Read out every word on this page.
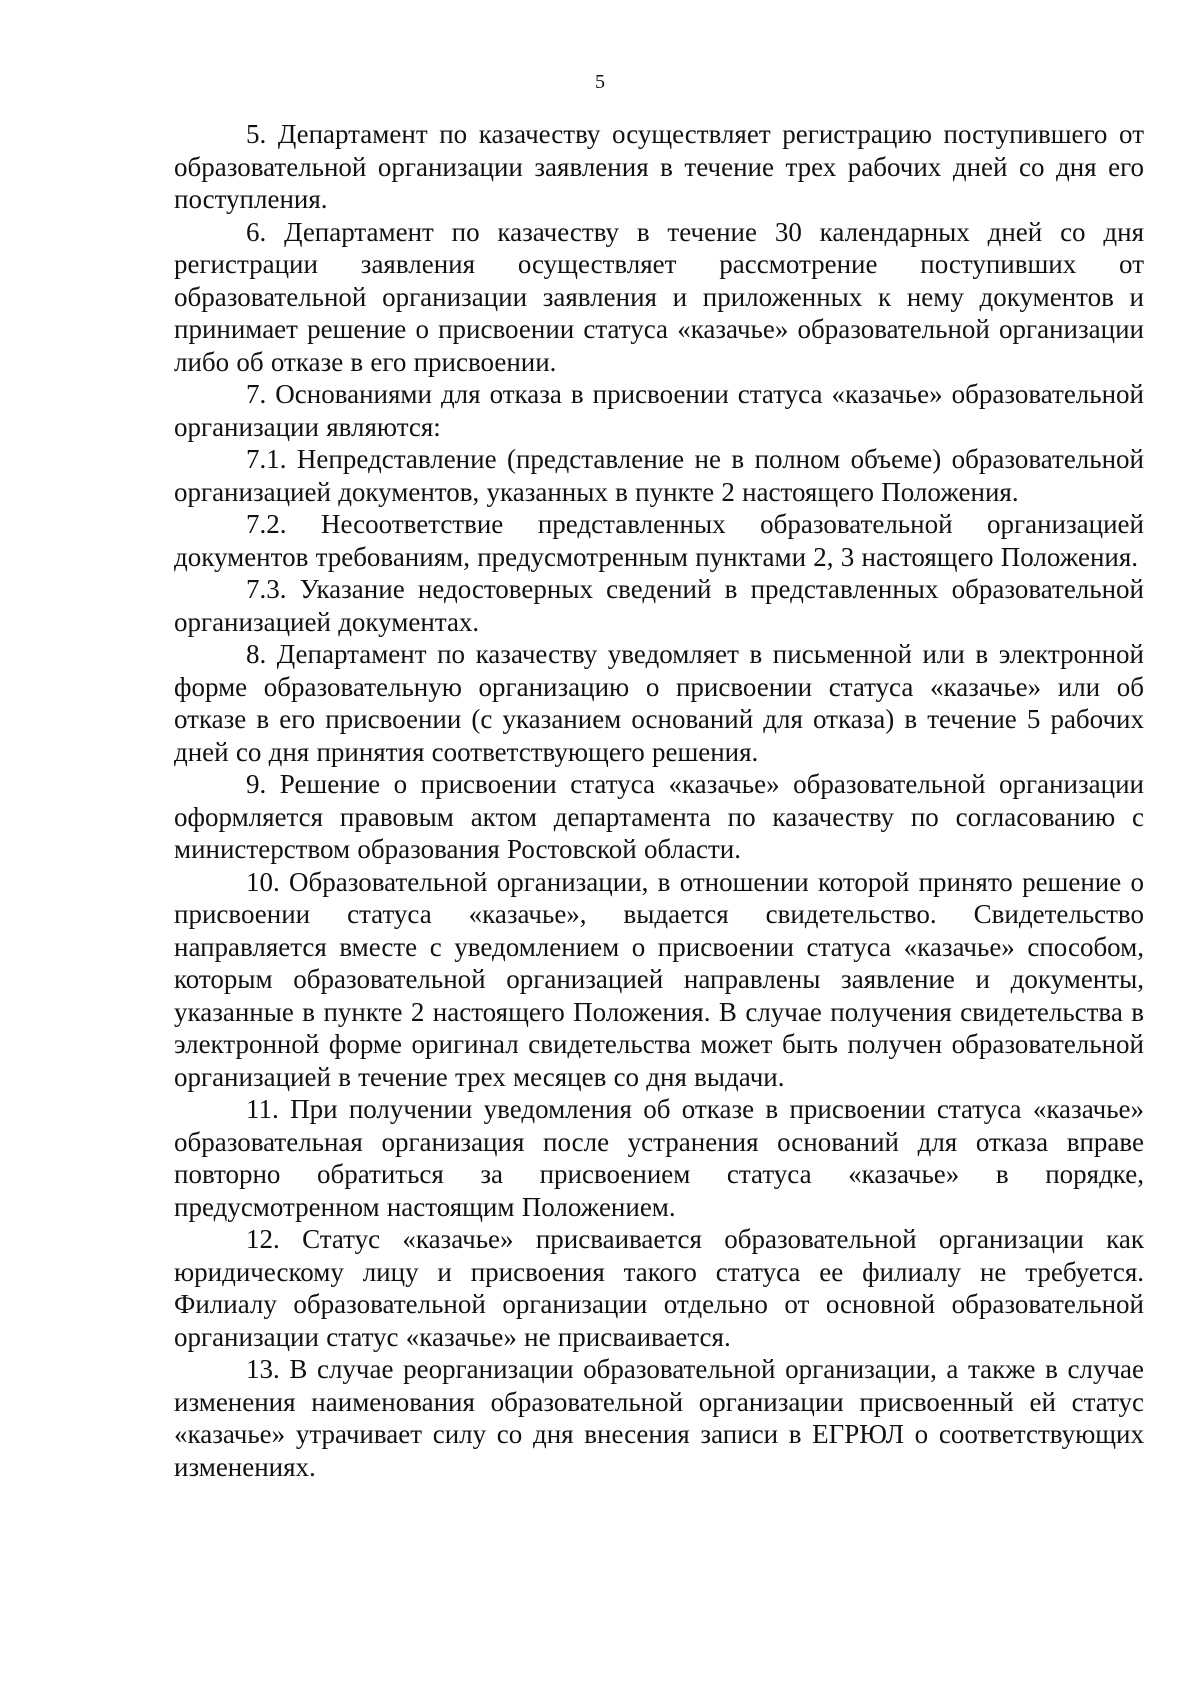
5

5. Департамент по казачеству осуществляет регистрацию поступившего от образовательной организации заявления в течение трех рабочих дней со дня его поступления.

6. Департамент по казачеству в течение 30 календарных дней со дня регистрации заявления осуществляет рассмотрение поступивших от образовательной организации заявления и приложенных к нему документов и принимает решение о присвоении статуса «казачье» образовательной организации либо об отказе в его присвоении.

7. Основаниями для отказа в присвоении статуса «казачье» образовательной организации являются:

7.1. Непредставление (представление не в полном объеме) образовательной организацией документов, указанных в пункте 2 настоящего Положения.

7.2. Несоответствие представленных образовательной организацией документов требованиям, предусмотренным пунктами 2, 3 настоящего Положения.

7.3. Указание недостоверных сведений в представленных образовательной организацией документах.

8. Департамент по казачеству уведомляет в письменной или в электронной форме образовательную организацию о присвоении статуса «казачье» или об отказе в его присвоении (с указанием оснований для отказа) в течение 5 рабочих дней со дня принятия соответствующего решения.

9. Решение о присвоении статуса «казачье» образовательной организации оформляется правовым актом департамента по казачеству по согласованию с министерством образования Ростовской области.

10. Образовательной организации, в отношении которой принято решение о присвоении статуса «казачье», выдается свидетельство. Свидетельство направляется вместе с уведомлением о присвоении статуса «казачье» способом, которым образовательной организацией направлены заявление и документы, указанные в пункте 2 настоящего Положения. В случае получения свидетельства в электронной форме оригинал свидетельства может быть получен образовательной организацией в течение трех месяцев со дня выдачи.

11. При получении уведомления об отказе в присвоении статуса «казачье» образовательная организация после устранения оснований для отказа вправе повторно обратиться за присвоением статуса «казачье» в порядке, предусмотренном настоящим Положением.

12. Статус «казачье» присваивается образовательной организации как юридическому лицу и присвоения такого статуса ее филиалу не требуется. Филиалу образовательной организации отдельно от основной образовательной организации статус «казачье» не присваивается.

13. В случае реорганизации образовательной организации, а также в случае изменения наименования образовательной организации присвоенный ей статус «казачье» утрачивает силу со дня внесения записи в ЕГРЮЛ о соответствующих изменениях.
